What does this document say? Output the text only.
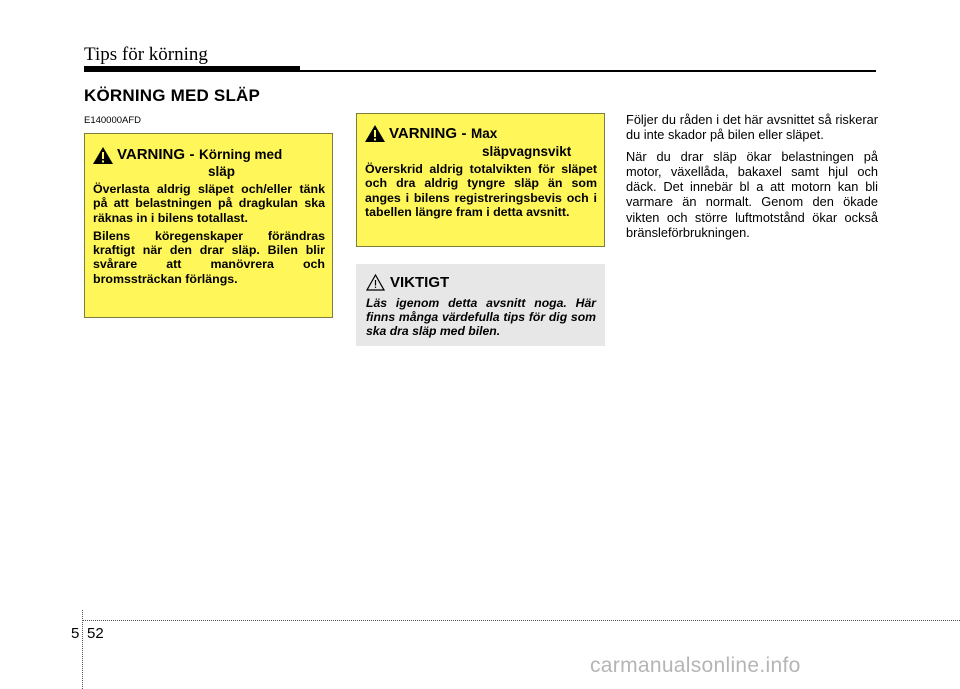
Tips för körning
KÖRNING MED SLÄP
E140000AFD
VARNING - Körning med
släp

Överlasta aldrig släpet och/eller tänk på att belastningen på dragkulan ska räknas in i bilens totallast.

Bilens köregenskaper förändras kraftigt när den drar släp. Bilen blir svårare att manövrera och bromssträckan förlängs.

VARNING - Max
släpvagnsvikt

Överskrid aldrig totalvikten för släpet och dra aldrig tyngre släp än som anges i bilens registreringsbevis och i tabellen längre fram i detta avsnitt.

VIKTIGT
Läs igenom detta avsnitt noga. Här finns många värdefulla tips för dig som ska dra släp med bilen.

Följer du råden i det här avsnittet så riskerar du inte skador på bilen eller släpet.

När du drar släp ökar belastningen på motor, växellåda, bakaxel samt hjul och däck. Det innebär bl a att motorn kan bli varmare än normalt. Genom den ökade vikten och större luftmotstånd ökar också bränsleförbrukningen.

5 52
carmanualsonline.info
